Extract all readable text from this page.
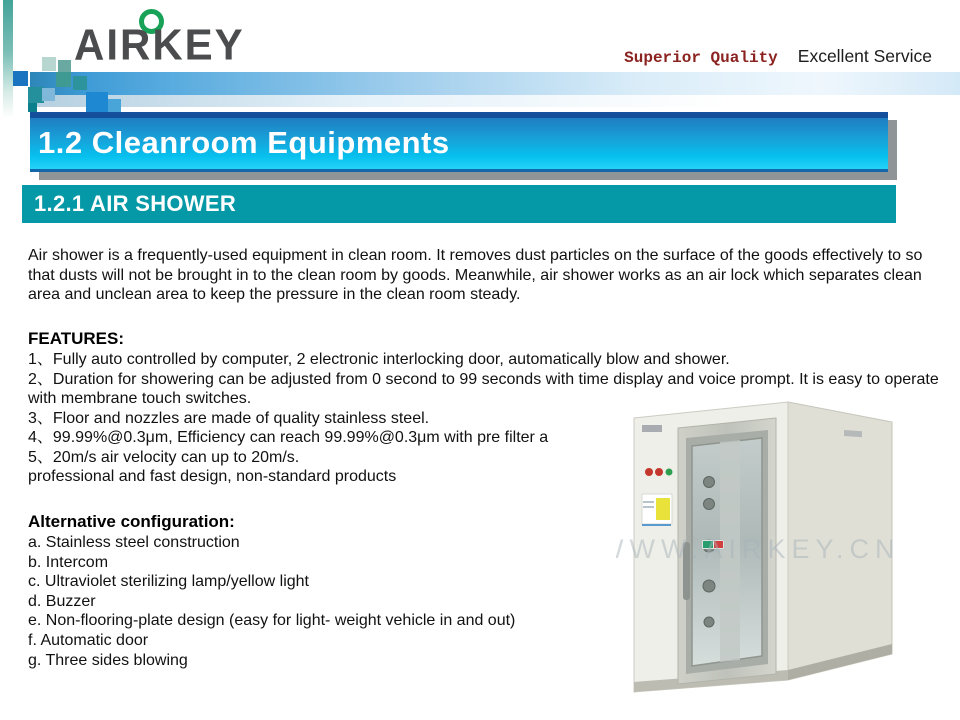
AIRKEY	Superior Quality Excellent Service
1.2 Cleanroom Equipments
1.2.1 AIR SHOWER
Air shower is a frequently-used equipment in clean room. It removes dust particles on the surface of the goods effectively to so that dusts will not be brought in to the clean room by goods. Meanwhile, air shower works as an air lock which separates clean area and unclean area to keep the pressure in the clean room steady.
FEATURES:
1、Fully auto controlled by computer, 2 electronic interlocking door, automatically blow and shower.
2、Duration for showering can be adjusted from 0 second to 99 seconds with time display and voice prompt. It is easy to operate with membrane touch switches.
3、Floor and nozzles are made of quality stainless steel.
4、99.99%@0.3μm, Efficiency can reach 99.99%@0.3μm with pre filter a
5、20m/s air velocity can up to 20m/s.
professional and fast design, non-standard products
Alternative configuration:
a. Stainless steel construction
b. Intercom
c. Ultraviolet sterilizing lamp/yellow light
d. Buzzer
e. Non-flooring-plate design (easy for light- weight vehicle in and out)
f. Automatic door
g. Three sides blowing
WWW.AIRKEY.CN
